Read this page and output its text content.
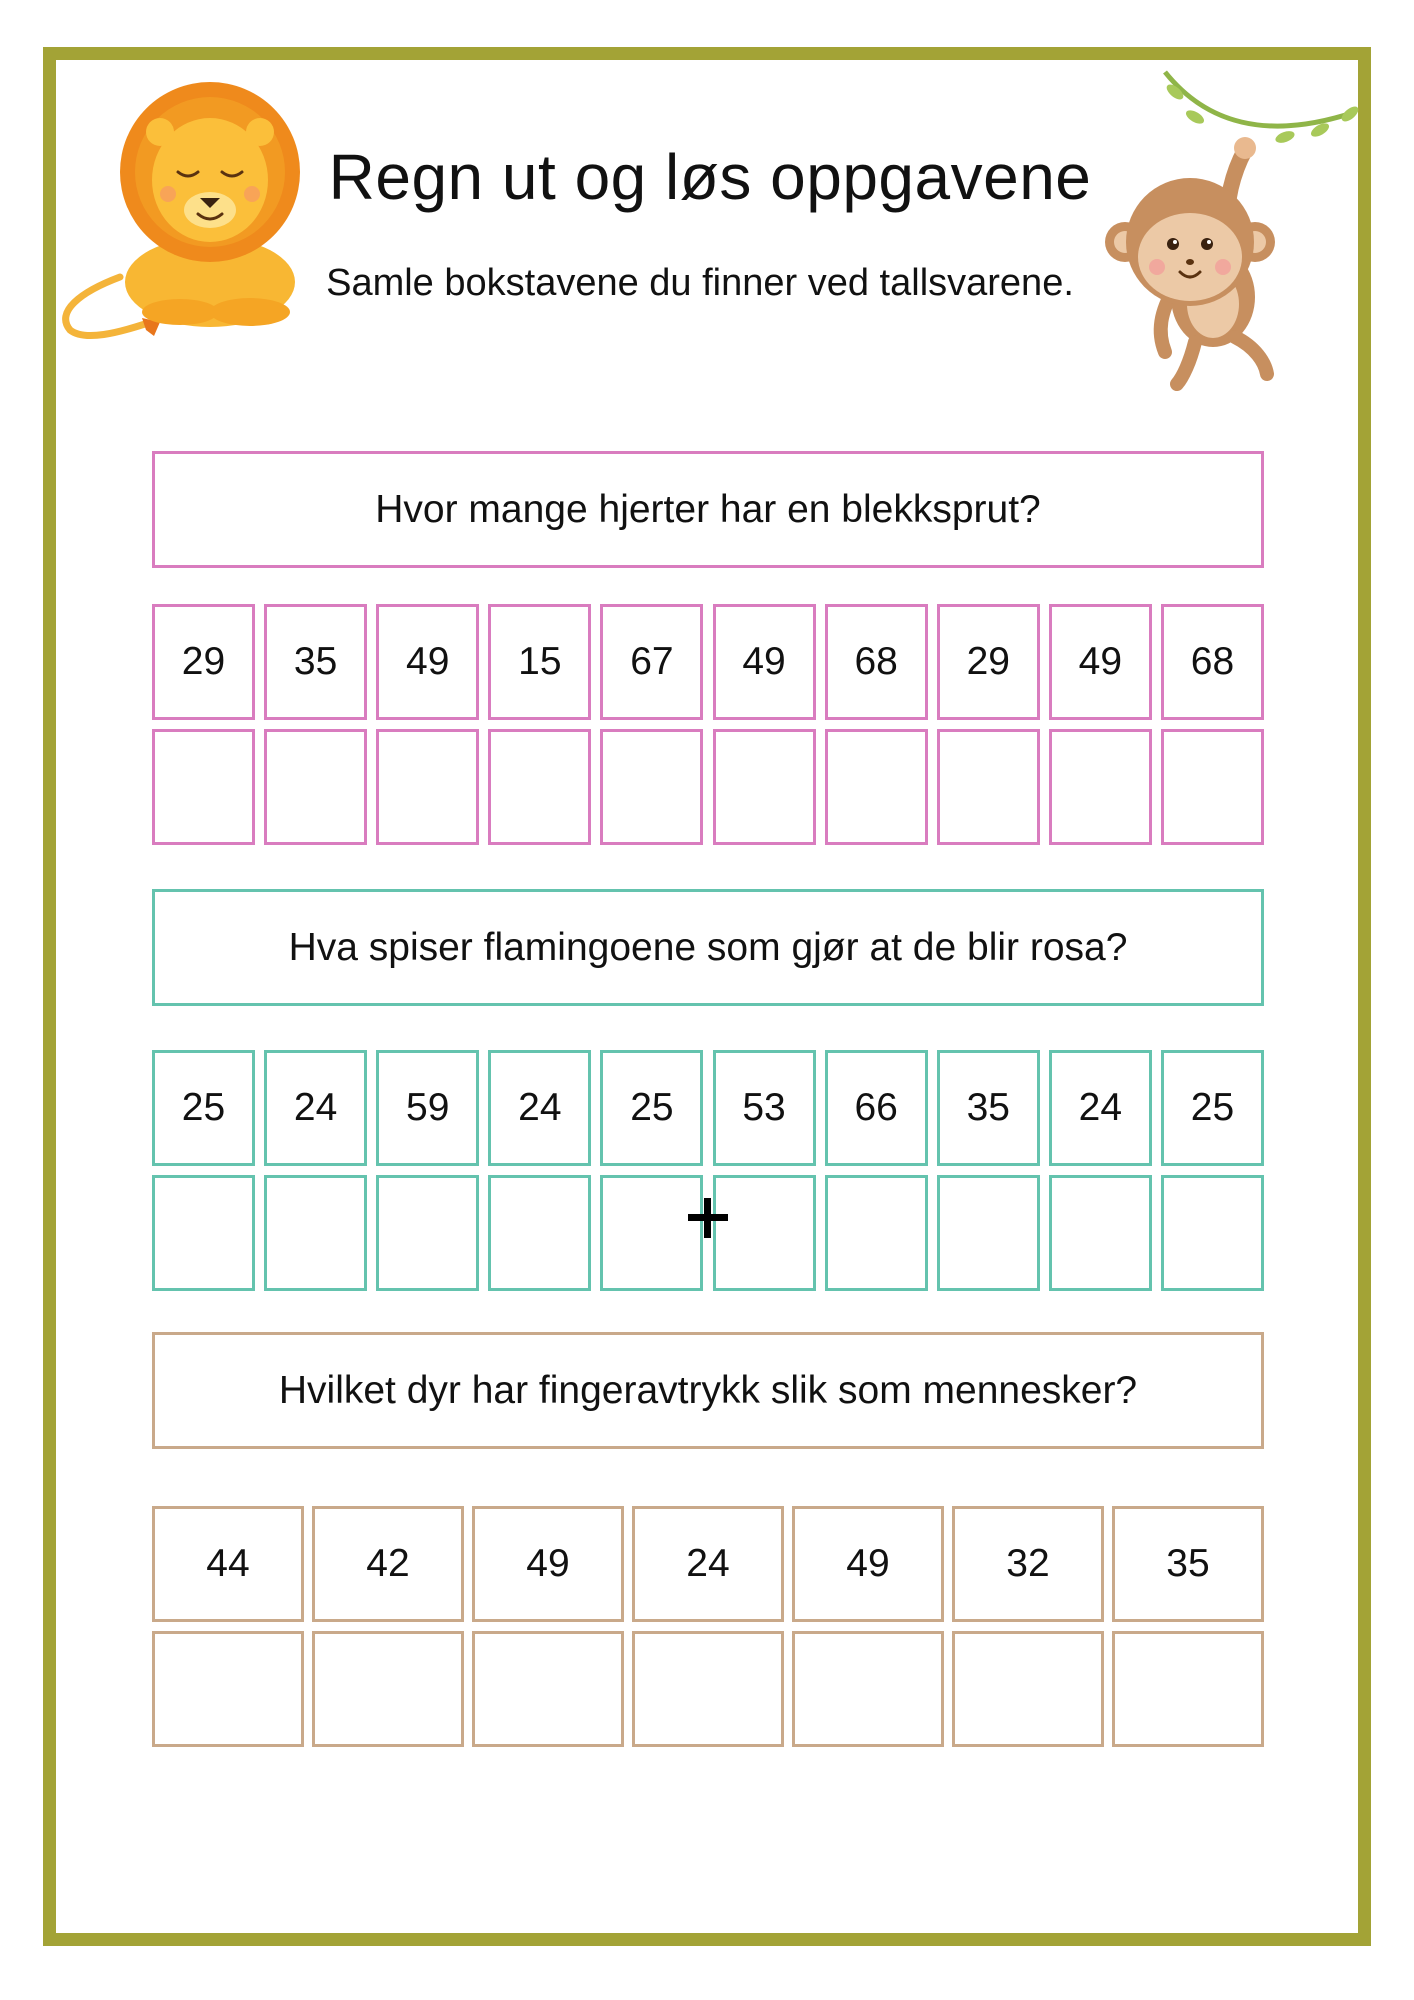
Regn ut og løs oppgavene

Samle bokstavene du finner ved tallsvarene.

Hvor mange hjerter har en blekksprut?
29	35	49	15	67	49	68	29	49	68
Hva spiser flamingoene som gjør at de blir rosa?
25	24	59	24	25	53	66	35	24	25
Hvilket dyr har fingeravtrykk slik som mennesker?
44	42	49	24	49	32	35
